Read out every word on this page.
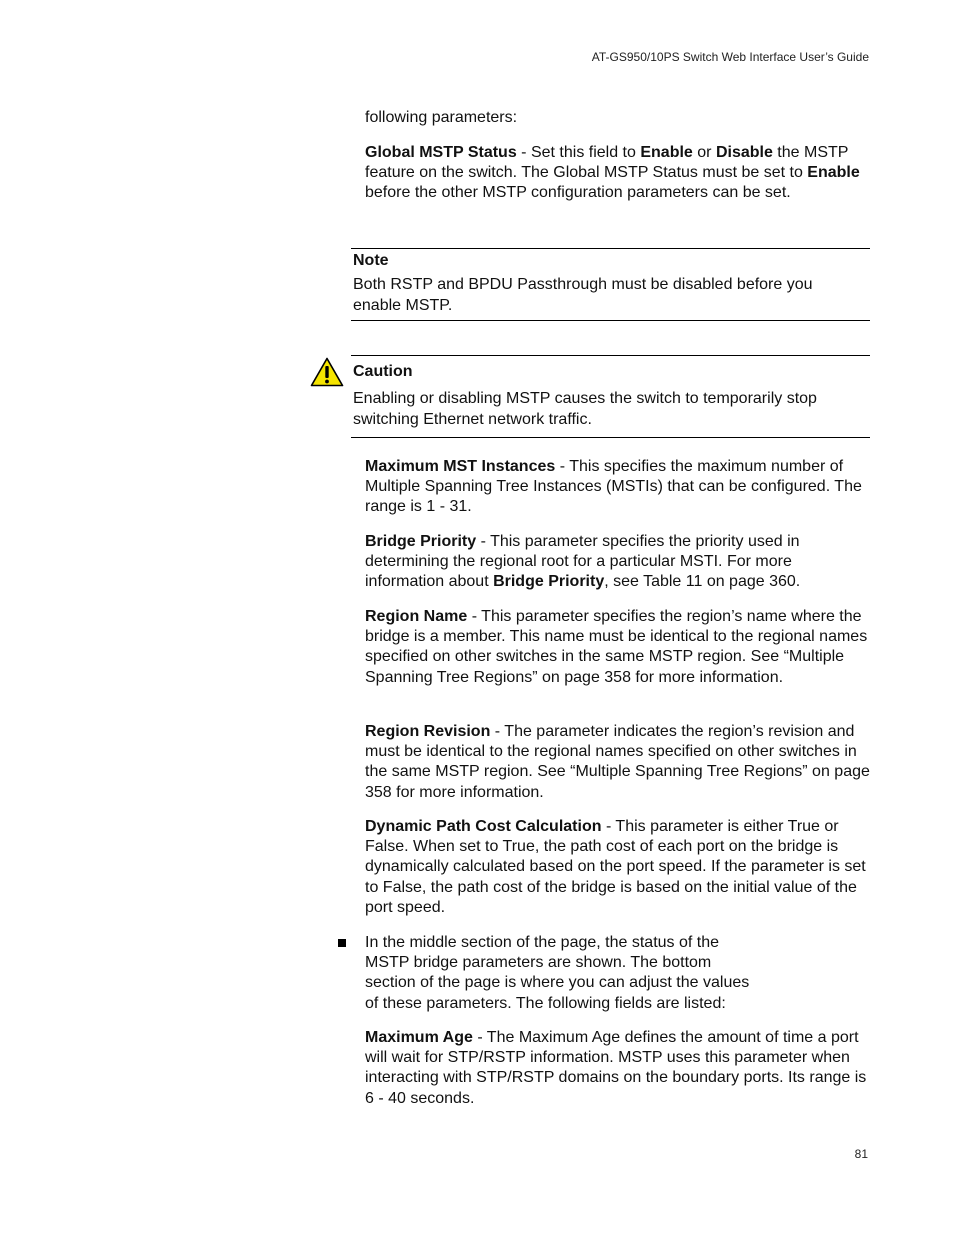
AT-GS950/10PS Switch Web Interface User’s Guide

following parameters:

Global MSTP Status - Set this field to Enable or Disable the MSTP feature on the switch. The Global MSTP Status must be set to Enable before the other MSTP configuration parameters can be set.

Note
Both RSTP and BPDU Passthrough must be disabled before you
enable MSTP.
Caution
Enabling or disabling MSTP causes the switch to temporarily stop
switching Ethernet network traffic.

Maximum MST Instances - This specifies the maximum number of Multiple Spanning Tree Instances (MSTIs) that can be configured. The range is 1 - 31.

Bridge Priority - This parameter specifies the priority used in determining the regional root for a particular MSTI. For more information about Bridge Priority, see Table 11 on page 360.

Region Name - This parameter specifies the region’s name where the bridge is a member. This name must be identical to the regional names specified on other switches in the same MSTP region. See “Multiple Spanning Tree Regions” on page 358 for more information.

Region Revision - The parameter indicates the region’s revision and must be identical to the regional names specified on other switches in the same MSTP region. See “Multiple Spanning Tree Regions” on page 358 for more information.

Dynamic Path Cost Calculation - This parameter is either True or False. When set to True, the path cost of each port on the bridge is dynamically calculated based on the port speed. If the parameter is set to False, the path cost of the bridge is based on the initial value of the port speed.

In the middle section of the page, the status of the
MSTP bridge parameters are shown. The bottom
section of the page is where you can adjust the values
of these parameters. The following fields are listed:

Maximum Age - The Maximum Age defines the amount of time a port will wait for STP/RSTP information. MSTP uses this parameter when interacting with STP/RSTP domains on the boundary ports. Its range is 6 - 40 seconds.

81
